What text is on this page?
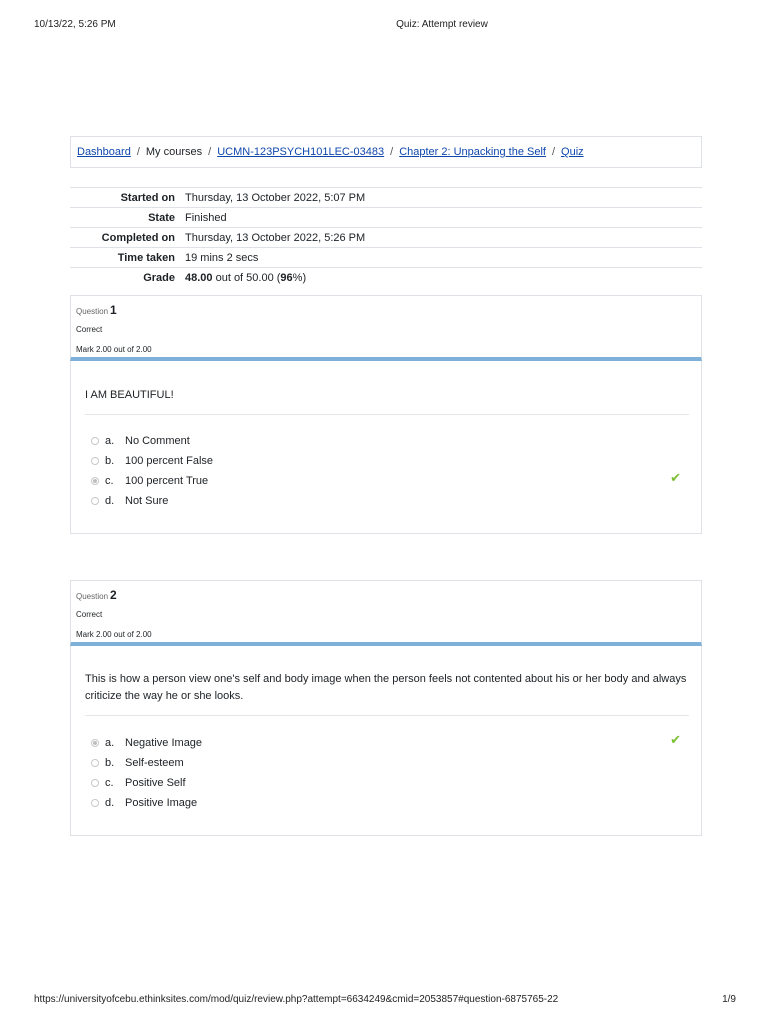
10/13/22, 5:26 PM	Quiz: Attempt review
Dashboard / My courses / UCMN-123PSYCH101LEC-03483 / Chapter 2: Unpacking the Self / Quiz
Started on Thursday, 13 October 2022, 5:07 PM
State Finished
Completed on Thursday, 13 October 2022, 5:26 PM
Time taken 19 mins 2 secs
Grade 48.00 out of 50.00 (96%)
Question 1
Correct
Mark 2.00 out of 2.00
I AM BEAUTIFUL!
a. No Comment
b. 100 percent False
c.	100 percent True
d. Not Sure
✔
Question 2
Correct
Mark 2.00 out of 2.00
This is how a person view one's self and body image when the person feels not contented about his or her body and always criticize the way he or she looks.
a. Negative Image
b. Self-esteem
c.	Positive Self
d. Positive Image
✔
https://universityofcebu.ethinksites.com/mod/quiz/review.php?attempt=6634249&cmid=2053857#question-6875765-22	1/9
